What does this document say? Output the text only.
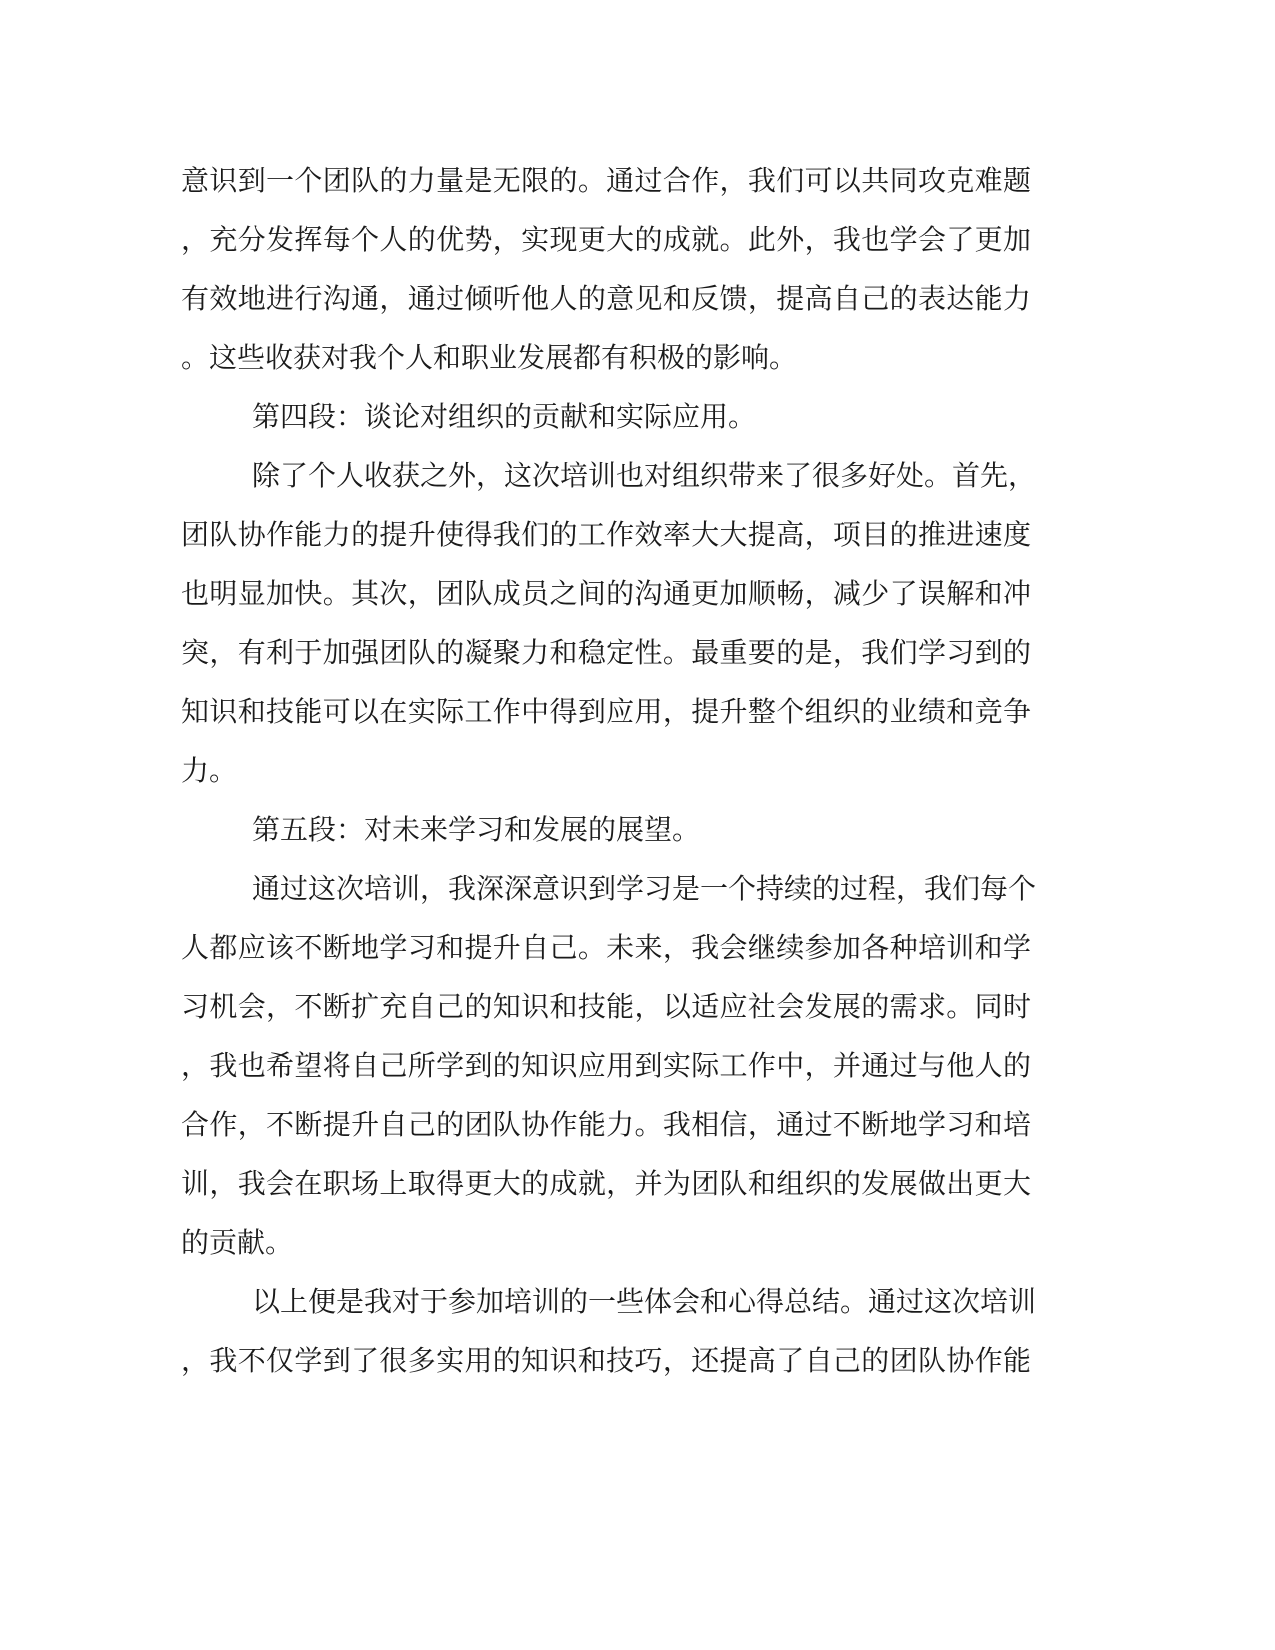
意识到一个团队的力量是无限的。通过合作，我们可以共同攻克难题
，充分发挥每个人的优势，实现更大的成就。此外，我也学会了更加
有效地进行沟通，通过倾听他人的意见和反馈，提高自己的表达能力
。这些收获对我个人和职业发展都有积极的影响。
第四段：谈论对组织的贡献和实际应用。
除了个人收获之外，这次培训也对组织带来了很多好处。首先，
团队协作能力的提升使得我们的工作效率大大提高，项目的推进速度
也明显加快。其次，团队成员之间的沟通更加顺畅，减少了误解和冲
突，有利于加强团队的凝聚力和稳定性。最重要的是，我们学习到的
知识和技能可以在实际工作中得到应用，提升整个组织的业绩和竞争
力。
第五段：对未来学习和发展的展望。
通过这次培训，我深深意识到学习是一个持续的过程，我们每个
人都应该不断地学习和提升自己。未来，我会继续参加各种培训和学
习机会，不断扩充自己的知识和技能，以适应社会发展的需求。同时
，我也希望将自己所学到的知识应用到实际工作中，并通过与他人的
合作，不断提升自己的团队协作能力。我相信，通过不断地学习和培
训，我会在职场上取得更大的成就，并为团队和组织的发展做出更大
的贡献。
以上便是我对于参加培训的一些体会和心得总结。通过这次培训
，我不仅学到了很多实用的知识和技巧，还提高了自己的团队协作能
